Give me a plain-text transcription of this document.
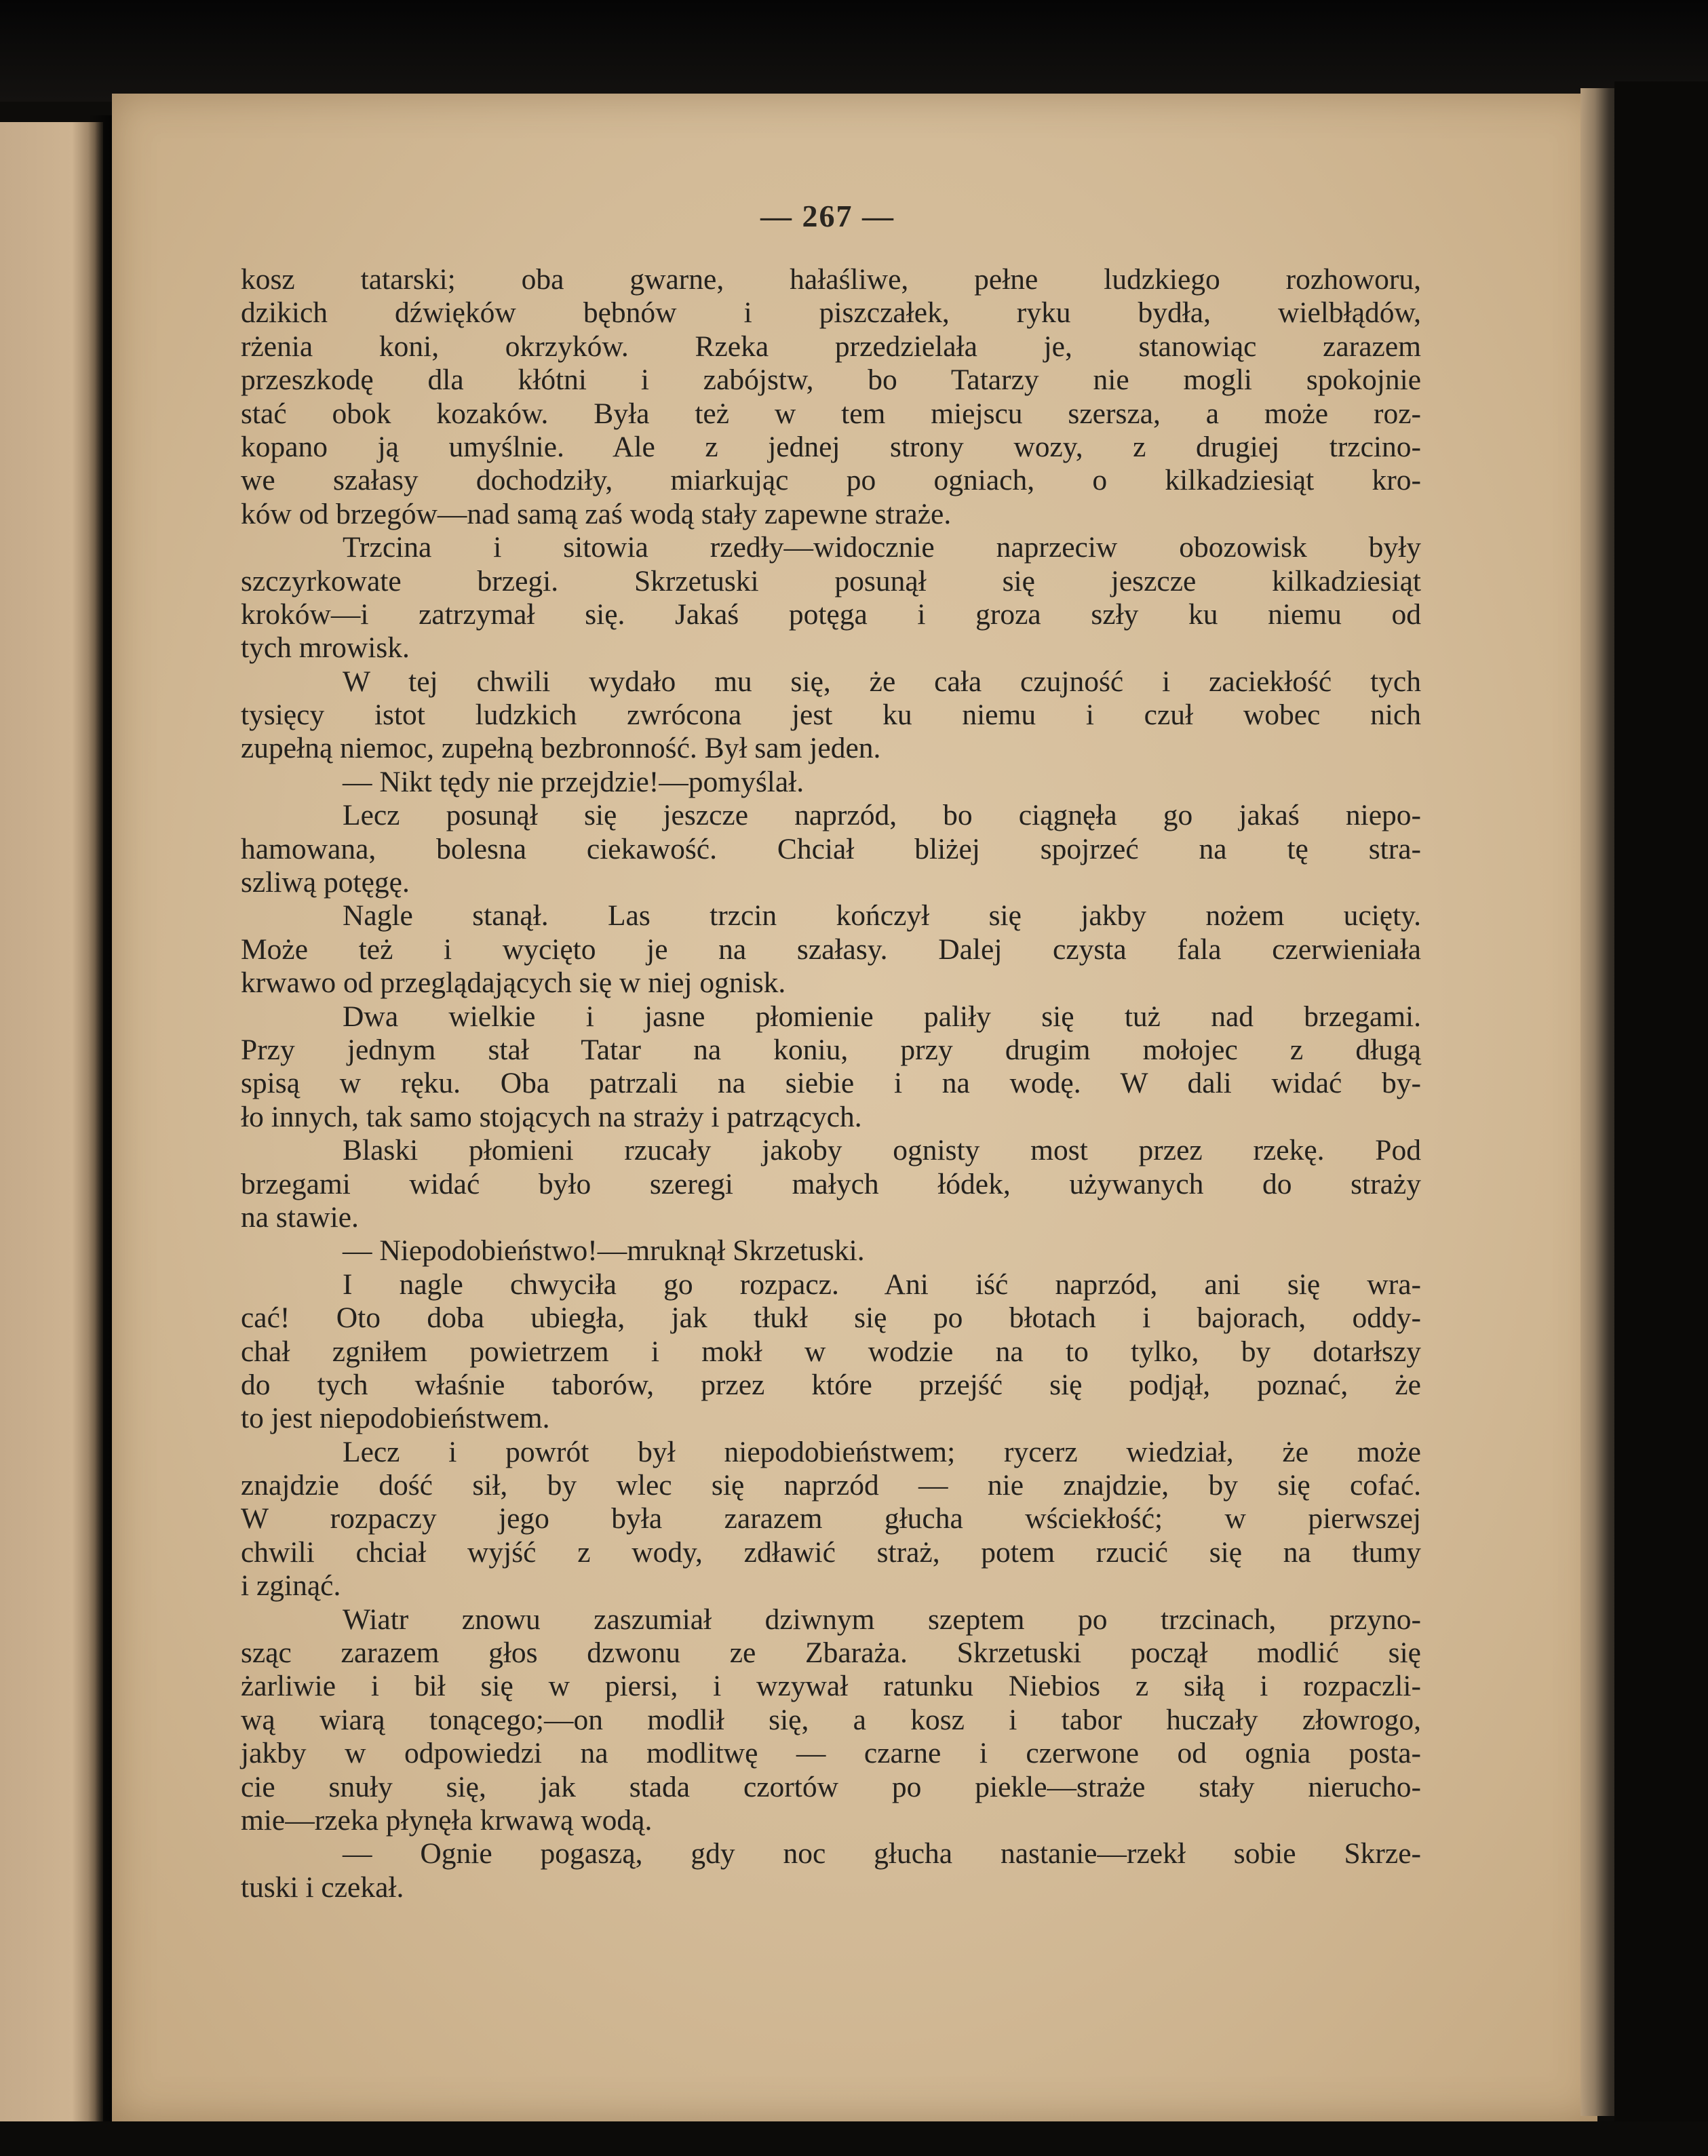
— 267 —
kosz tatarski; oba gwarne, hałaśliwe, pełne ludzkiego rozhoworu,
dzikich dźwięków bębnów i piszczałek, ryku bydła, wielbłądów,
rżenia koni, okrzyków. Rzeka przedzielała je, stanowiąc zarazem
przeszkodę dla kłótni i zabójstw, bo Tatarzy nie mogli spokojnie
stać obok kozaków. Była też w tem miejscu szersza, a może roz-
kopano ją umyślnie. Ale z jednej strony wozy, z drugiej trzcino-
we szałasy dochodziły, miarkując po ogniach, o kilkadziesiąt kro-
ków od brzegów—nad samą zaś wodą stały zapewne straże.
Trzcina i sitowia rzedły—widocznie naprzeciw obozowisk były
szczyrkowate brzegi. Skrzetuski posunął się jeszcze kilkadziesiąt
kroków—i zatrzymał się. Jakaś potęga i groza szły ku niemu od
tych mrowisk.
W tej chwili wydało mu się, że cała czujność i zaciekłość tych
tysięcy istot ludzkich zwrócona jest ku niemu i czuł wobec nich
zupełną niemoc, zupełną bezbronność. Był sam jeden.
— Nikt tędy nie przejdzie!—pomyślał.
Lecz posunął się jeszcze naprzód, bo ciągnęła go jakaś niepo-
hamowana, bolesna ciekawość. Chciał bliżej spojrzeć na tę stra-
szliwą potęgę.
Nagle stanął. Las trzcin kończył się jakby nożem ucięty.
Może też i wycięto je na szałasy. Dalej czysta fala czerwieniała
krwawo od przeglądających się w niej ognisk.
Dwa wielkie i jasne płomienie paliły się tuż nad brzegami.
Przy jednym stał Tatar na koniu, przy drugim mołojec z długą
spisą w ręku. Oba patrzali na siebie i na wodę. W dali widać by-
ło innych, tak samo stojących na straży i patrzących.
Blaski płomieni rzucały jakoby ognisty most przez rzekę. Pod
brzegami widać było szeregi małych łódek, używanych do straży
na stawie.
— Niepodobieństwo!—mruknął Skrzetuski.
I nagle chwyciła go rozpacz. Ani iść naprzód, ani się wra-
cać! Oto doba ubiegła, jak tłukł się po błotach i bajorach, oddy-
chał zgniłem powietrzem i mokł w wodzie na to tylko, by dotarłszy
do tych właśnie taborów, przez które przejść się podjął, poznać, że
to jest niepodobieństwem.
Lecz i powrót był niepodobieństwem; rycerz wiedział, że może
znajdzie dość sił, by wlec się naprzód — nie znajdzie, by się cofać.
W rozpaczy jego była zarazem głucha wściekłość; w pierwszej
chwili chciał wyjść z wody, zdławić straż, potem rzucić się na tłumy
i zginąć.
Wiatr znowu zaszumiał dziwnym szeptem po trzcinach, przyno-
sząc zarazem głos dzwonu ze Zbaraża. Skrzetuski począł modlić się
żarliwie i bił się w piersi, i wzywał ratunku Niebios z siłą i rozpaczli-
wą wiarą tonącego;—on modlił się, a kosz i tabor huczały złowrogo,
jakby w odpowiedzi na modlitwę — czarne i czerwone od ognia posta-
cie snuły się, jak stada czortów po piekle—straże stały nierucho-
mie—rzeka płynęła krwawą wodą.
— Ognie pogaszą, gdy noc głucha nastanie—rzekł sobie Skrze-
tuski i czekał.
